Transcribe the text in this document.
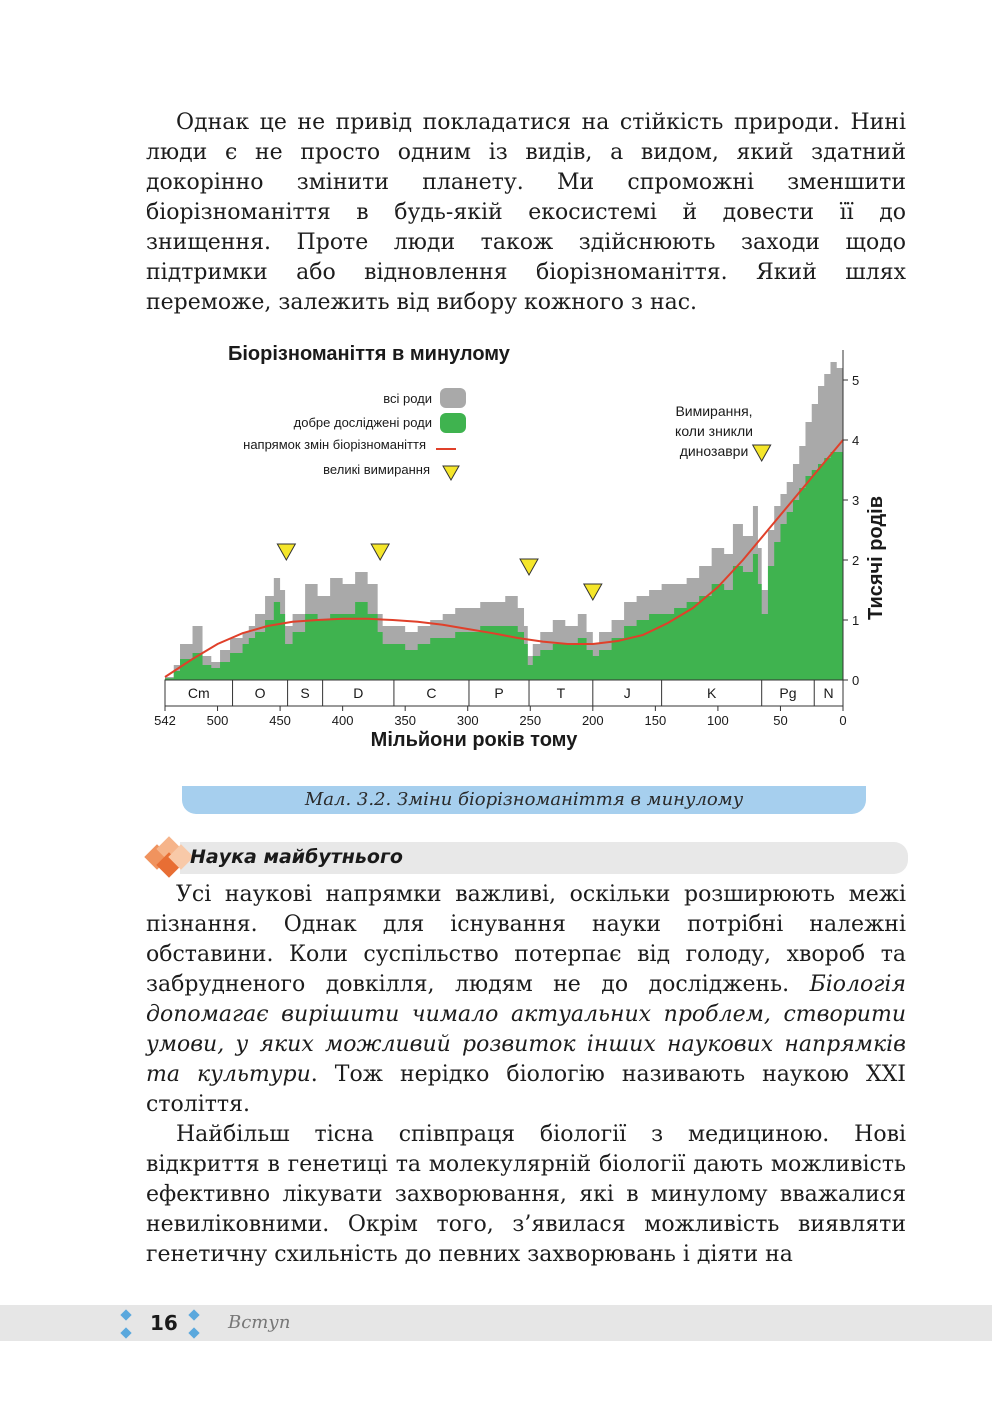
Однак це не привід покладатися на стійкість природи. Нині люди є не просто одним із видів, а видом, який здатний докорінно змінити планету. Ми спроможні зменшити біорізноманіття в будь-якій екосистемі й довести її до знищення. Проте люди також здійснюють заходи щодо підтримки або відновлення біорізноманіття. Який шлях переможе, залежить від вибору кожного з нас.

Біорізноманіття в минулому
всі роди
добре досліджені роди
напрямок змін біорізноманіття
великі вимирання
Вимирання,
коли зникли
динозаври
0
1
2
3
4
5
Cm	O S	D	C	P	T	J	K	Pg N
542 500	450	400	350	300	250	200	150	100	50	0
Мільйони років тому
Тисячі родів
Мал. 3.2. Зміни біорізноманіття в минулому
Наука майбутнього

Усі наукові напрямки важливі, оскільки розширюють межі пізнання. Однак для існування науки потрібні належні обставини. Коли суспільство потерпає від голоду, хвороб та забрудненого довкілля, людям не до досліджень. Біологія допомагає вирішити чимало актуальних проблем, створити умови, у яких можливий розвиток інших наукових напрямків та культури. Тож нерідко біологію називають наукою XXI століття.

Найбільш тісна співпраця біології з медициною. Нові відкриття в генетиці та молекулярній біології дають можливість ефективно лікувати захворювання, які в минулому вважалися невиліковними. Окрім того, з’явилася можливість виявляти генетичну схильність до певних захворювань і діяти на

16	Вступ
